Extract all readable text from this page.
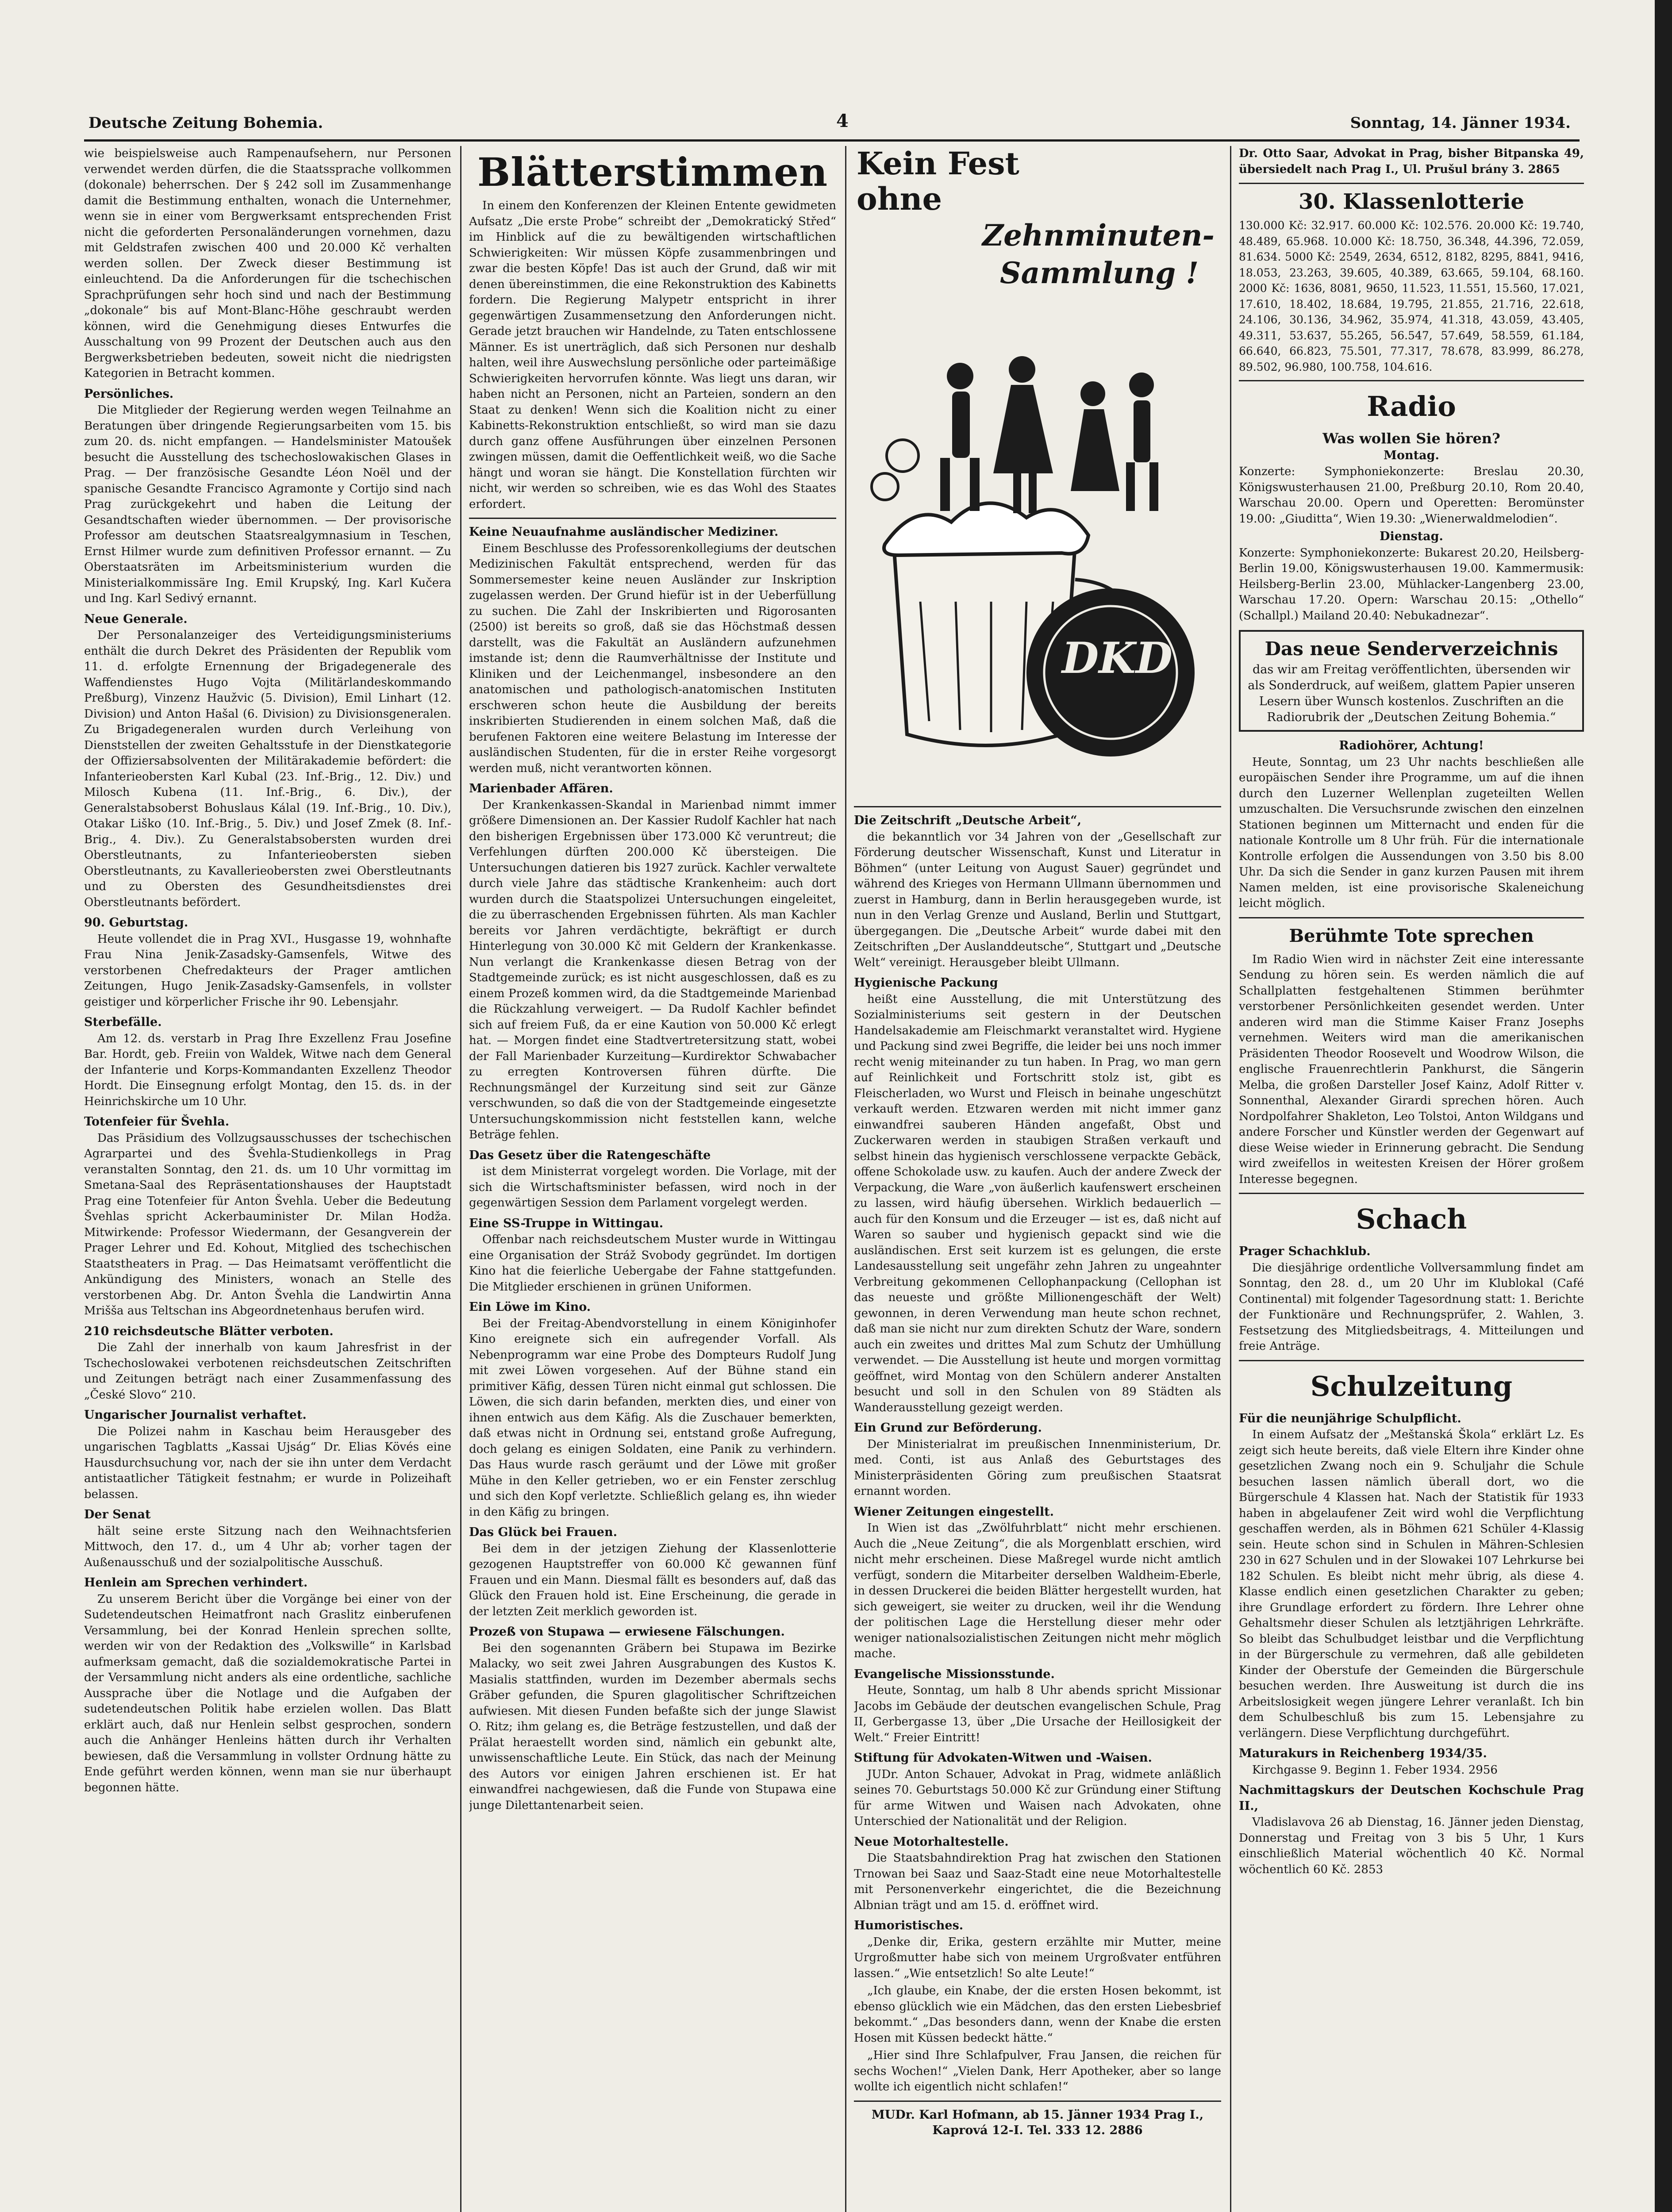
Deutsche Zeitung Bohemia.	4	Sonntag, 14. Jänner 1934.

wie beispielsweise auch Rampenaufsehern, nur Personen verwendet werden dürfen, die die Staatssprache vollkommen (dokonale) beherrschen. Der § 242 soll im Zusammenhange damit die Bestimmung enthalten, wonach die Unternehmer, wenn sie in einer vom Bergwerksamt entsprechenden Frist nicht die geforderten Personaländerungen vornehmen, dazu mit Geldstrafen zwischen 400 und 20.000 Kč verhalten werden sollen. Der Zweck dieser Bestimmung ist einleuchtend. Da die Anforderungen für die tschechischen Sprachprüfungen sehr hoch sind und nach der Bestimmung „dokonale“ bis auf Mont-Blanc-Höhe geschraubt werden können, wird die Genehmigung dieses Entwurfes die Ausschaltung von 99 Prozent der Deutschen auch aus den Bergwerksbetrieben bedeuten, soweit nicht die niedrigsten Kategorien in Betracht kommen.

Persönliches.

Die Mitglieder der Regierung werden wegen Teilnahme an Beratungen über dringende Regierungsarbeiten vom 15. bis zum 20. ds. nicht empfangen. — Handelsminister Matoušek besucht die Ausstellung des tschechoslowakischen Glases in Prag. — Der französische Gesandte Léon Noël und der spanische Gesandte Francisco Agramonte y Cortijo sind nach Prag zurückgekehrt und haben die Leitung der Gesandtschaften wieder übernommen. — Der provisorische Professor am deutschen Staatsrealgymnasium in Teschen, Ernst Hilmer wurde zum definitiven Professor ernannt. — Zu Oberstaatsräten im Arbeitsministerium wurden die Ministerialkommissäre Ing. Emil Krupský, Ing. Karl Kučera und Ing. Karl Sedivý ernannt.

Neue Generale.

Der Personalanzeiger des Verteidigungsministeriums enthält die durch Dekret des Präsidenten der Republik vom 11. d. erfolgte Ernennung der Brigadegenerale des Waffendienstes Hugo Vojta (Militärlandeskommando Preßburg), Vinzenz Haužvic (5. Division), Emil Linhart (12. Division) und Anton Hašal (6. Division) zu Divisionsgeneralen. Zu Brigadegeneralen wurden durch Verleihung von Dienststellen der zweiten Gehaltsstufe in der Dienstkategorie der Offiziersabsolventen der Militärakademie befördert: die Infanterieobersten Karl Kubal (23. Inf.-Brig., 12. Div.) und Milosch Kubena (11. Inf.-Brig., 6. Div.), der Generalstabsoberst Bohuslaus Kálal (19. Inf.-Brig., 10. Div.), Otakar Liško (10. Inf.-Brig., 5. Div.) und Josef Zmek (8. Inf.-Brig., 4. Div.). Zu Generalstabsobersten wurden drei Oberstleutnants, zu Infanterieobersten sieben Oberstleutnants, zu Kavallerieobersten zwei Oberstleutnants und zu Obersten des Gesundheitsdienstes drei Oberstleutnants befördert.

90. Geburtstag.

Heute vollendet die in Prag XVI., Husgasse 19, wohnhafte Frau Nina Jenik-Zasadsky-Gamsenfels, Witwe des verstorbenen Chefredakteurs der Prager amtlichen Zeitungen, Hugo Jenik-Zasadsky-Gamsenfels, in vollster geistiger und körperlicher Frische ihr 90. Lebensjahr.

Sterbefälle.

Am 12. ds. verstarb in Prag Ihre Exzellenz Frau Josefine Bar. Hordt, geb. Freiin von Waldek, Witwe nach dem General der Infanterie und Korps-Kommandanten Exzellenz Theodor Hordt. Die Einsegnung erfolgt Montag, den 15. ds. in der Heinrichskirche um 10 Uhr.

Totenfeier für Švehla.

Das Präsidium des Vollzugsausschusses der tschechischen Agrarpartei und des Švehla-Studienkollegs in Prag veranstalten Sonntag, den 21. ds. um 10 Uhr vormittag im Smetana-Saal des Repräsentationshauses der Hauptstadt Prag eine Totenfeier für Anton Švehla. Ueber die Bedeutung Švehlas spricht Ackerbauminister Dr. Milan Hodža. Mitwirkende: Professor Wiedermann, der Gesangverein der Prager Lehrer und Ed. Kohout, Mitglied des tschechischen Staatstheaters in Prag. — Das Heimatsamt veröffentlicht die Ankündigung des Ministers, wonach an Stelle des verstorbenen Abg. Dr. Anton Švehla die Landwirtin Anna Mrišša aus Teltschan ins Abgeordnetenhaus berufen wird.

210 reichsdeutsche Blätter verboten.

Die Zahl der innerhalb von kaum Jahresfrist in der Tschechoslowakei verbotenen reichsdeutschen Zeitschriften und Zeitungen beträgt nach einer Zusammenfassung des „České Slovo“ 210.

Ungarischer Journalist verhaftet.

Die Polizei nahm in Kaschau beim Herausgeber des ungarischen Tagblatts „Kassai Ujság“ Dr. Elias Kövés eine Hausdurchsuchung vor, nach der sie ihn unter dem Verdacht antistaatlicher Tätigkeit festnahm; er wurde in Polizeihaft belassen.

Der Senat

hält seine erste Sitzung nach den Weihnachtsferien Mittwoch, den 17. d., um 4 Uhr ab; vorher tagen der Außenausschuß und der sozialpolitische Ausschuß.

Henlein am Sprechen verhindert.

Zu unserem Bericht über die Vorgänge bei einer von der Sudetendeutschen Heimatfront nach Graslitz einberufenen Versammlung, bei der Konrad Henlein sprechen sollte, werden wir von der Redaktion des „Volkswille“ in Karlsbad aufmerksam gemacht, daß die sozialdemokratische Partei in der Versammlung nicht anders als eine ordentliche, sachliche Aussprache über die Notlage und die Aufgaben der sudetendeutschen Politik habe erzielen wollen. Das Blatt erklärt auch, daß nur Henlein selbst gesprochen, sondern auch die Anhänger Henleins hätten durch ihr Verhalten bewiesen, daß die Versammlung in vollster Ordnung hätte zu Ende geführt werden können, wenn man sie nur überhaupt begonnen hätte.

Blätterstimmen

In einem den Konferenzen der Kleinen Entente gewidmeten Aufsatz „Die erste Probe“ schreibt der „Demokratický Střed“ im Hinblick auf die zu bewältigenden wirtschaftlichen Schwierigkeiten: Wir müssen Köpfe zusammenbringen und zwar die besten Köpfe! Das ist auch der Grund, daß wir mit denen übereinstimmen, die eine Rekonstruktion des Kabinetts fordern. Die Regierung Malypetr entspricht in ihrer gegenwärtigen Zusammensetzung den Anforderungen nicht. Gerade jetzt brauchen wir Handelnde, zu Taten entschlossene Männer. Es ist unerträglich, daß sich Personen nur deshalb halten, weil ihre Auswechslung persönliche oder parteimäßige Schwierigkeiten hervorrufen könnte. Was liegt uns daran, wir haben nicht an Personen, nicht an Parteien, sondern an den Staat zu denken! Wenn sich die Koalition nicht zu einer Kabinetts-Rekonstruktion entschließt, so wird man sie dazu durch ganz offene Ausführungen über einzelnen Personen zwingen müssen, damit die Oeffentlichkeit weiß, wo die Sache hängt und woran sie hängt. Die Konstellation fürchten wir nicht, wir werden so schreiben, wie es das Wohl des Staates erfordert.

Keine Neuaufnahme ausländischer Mediziner.

Einem Beschlusse des Professorenkollegiums der deutschen Medizinischen Fakultät entsprechend, werden für das Sommersemester keine neuen Ausländer zur Inskription zugelassen werden. Der Grund hiefür ist in der Ueberfüllung zu suchen. Die Zahl der Inskribierten und Rigorosanten (2500) ist bereits so groß, daß sie das Höchstmaß dessen darstellt, was die Fakultät an Ausländern aufzunehmen imstande ist; denn die Raumverhältnisse der Institute und Kliniken und der Leichenmangel, insbesondere an den anatomischen und pathologisch-anatomischen Instituten erschweren schon heute die Ausbildung der bereits inskribierten Studierenden in einem solchen Maß, daß die berufenen Faktoren eine weitere Belastung im Interesse der ausländischen Studenten, für die in erster Reihe vorgesorgt werden muß, nicht verantworten können.

Marienbader Affären.

Der Krankenkassen-Skandal in Marienbad nimmt immer größere Dimensionen an. Der Kassier Rudolf Kachler hat nach den bisherigen Ergebnissen über 173.000 Kč veruntreut; die Verfehlungen dürften 200.000 Kč übersteigen. Die Untersuchungen datieren bis 1927 zurück. Kachler verwaltete durch viele Jahre das städtische Krankenheim: auch dort wurden durch die Staatspolizei Untersuchungen eingeleitet, die zu überraschenden Ergebnissen führten. Als man Kachler bereits vor Jahren verdächtigte, bekräftigt er durch Hinterlegung von 30.000 Kč mit Geldern der Krankenkasse. Nun verlangt die Krankenkasse diesen Betrag von der Stadtgemeinde zurück; es ist nicht ausgeschlossen, daß es zu einem Prozeß kommen wird, da die Stadtgemeinde Marienbad die Rückzahlung verweigert. — Da Rudolf Kachler befindet sich auf freiem Fuß, da er eine Kaution von 50.000 Kč erlegt hat. — Morgen findet eine Stadtvertretersitzung statt, wobei der Fall Marienbader Kurzeitung—Kurdirektor Schwabacher zu erregten Kontroversen führen dürfte. Die Rechnungsmängel der Kurzeitung sind seit zur Gänze verschwunden, so daß die von der Stadtgemeinde eingesetzte Untersuchungskommission nicht feststellen kann, welche Beträge fehlen.

Das Gesetz über die Ratengeschäfte

ist dem Ministerrat vorgelegt worden. Die Vorlage, mit der sich die Wirtschaftsminister befassen, wird noch in der gegenwärtigen Session dem Parlament vorgelegt werden.

Eine SS-Truppe in Wittingau.

Offenbar nach reichsdeutschem Muster wurde in Wittingau eine Organisation der Stráž Svobody gegründet. Im dortigen Kino hat die feierliche Uebergabe der Fahne stattgefunden. Die Mitglieder erschienen in grünen Uniformen.

Ein Löwe im Kino.

Bei der Freitag-Abendvorstellung in einem Königinhofer Kino ereignete sich ein aufregender Vorfall. Als Nebenprogramm war eine Probe des Dompteurs Rudolf Jung mit zwei Löwen vorgesehen. Auf der Bühne stand ein primitiver Käfig, dessen Türen nicht einmal gut schlossen. Die Löwen, die sich darin befanden, merkten dies, und einer von ihnen entwich aus dem Käfig. Als die Zuschauer bemerkten, daß etwas nicht in Ordnung sei, entstand große Aufregung, doch gelang es einigen Soldaten, eine Panik zu verhindern. Das Haus wurde rasch geräumt und der Löwe mit großer Mühe in den Keller getrieben, wo er ein Fenster zerschlug und sich den Kopf verletzte. Schließlich gelang es, ihn wieder in den Käfig zu bringen.

Das Glück bei Frauen.

Bei dem in der jetzigen Ziehung der Klassenlotterie gezogenen Hauptstreffer von 60.000 Kč gewannen fünf Frauen und ein Mann. Diesmal fällt es besonders auf, daß das Glück den Frauen hold ist. Eine Erscheinung, die gerade in der letzten Zeit merklich geworden ist.

Prozeß von Stupawa — erwiesene Fälschungen.

Bei den sogenannten Gräbern bei Stupawa im Bezirke Malacky, wo seit zwei Jahren Ausgrabungen des Kustos K. Masialis stattfinden, wurden im Dezember abermals sechs Gräber gefunden, die Spuren glagolitischer Schriftzeichen aufwiesen. Mit diesen Funden befaßte sich der junge Slawist O. Ritz; ihm gelang es, die Beträge festzustellen, und daß der Prälat heraestellt worden sind, nämlich ein gebunkt alte, unwissenschaftliche Leute. Ein Stück, das nach der Meinung des Autors vor einigen Jahren erschienen ist. Er hat einwandfrei nachgewiesen, daß die Funde von Stupawa eine junge Dilettantenarbeit seien.

Kein Fest
ohne
Zehnminuten-
Sammlung !
DKD
Die Zeitschrift „Deutsche Arbeit“,

die bekanntlich vor 34 Jahren von der „Gesellschaft zur Förderung deutscher Wissenschaft, Kunst und Literatur in Böhmen“ (unter Leitung von August Sauer) gegründet und während des Krieges von Hermann Ullmann übernommen und zuerst in Hamburg, dann in Berlin herausgegeben wurde, ist nun in den Verlag Grenze und Ausland, Berlin und Stuttgart, übergegangen. Die „Deutsche Arbeit“ wurde dabei mit den Zeitschriften „Der Auslanddeutsche“, Stuttgart und „Deutsche Welt“ vereinigt. Herausgeber bleibt Ullmann.

Hygienische Packung

heißt eine Ausstellung, die mit Unterstützung des Sozialministeriums seit gestern in der Deutschen Handelsakademie am Fleischmarkt veranstaltet wird. Hygiene und Packung sind zwei Begriffe, die leider bei uns noch immer recht wenig miteinander zu tun haben. In Prag, wo man gern auf Reinlichkeit und Fortschritt stolz ist, gibt es Fleischerladen, wo Wurst und Fleisch in beinahe ungeschützt verkauft werden. Etzwaren werden mit nicht immer ganz einwandfrei sauberen Händen angefaßt, Obst und Zuckerwaren werden in staubigen Straßen verkauft und selbst hinein das hygienisch verschlossene verpackte Gebäck, offene Schokolade usw. zu kaufen. Auch der andere Zweck der Verpackung, die Ware „von äußerlich kaufenswert erscheinen zu lassen, wird häufig übersehen. Wirklich bedauerlich — auch für den Konsum und die Erzeuger — ist es, daß nicht auf Waren so sauber und hygienisch gepackt sind wie die ausländischen. Erst seit kurzem ist es gelungen, die erste Landesausstellung seit ungefähr zehn Jahren zu ungeahnter Verbreitung gekommenen Cellophanpackung (Cellophan ist das neueste und größte Millionengeschäft der Welt) gewonnen, in deren Verwendung man heute schon rechnet, daß man sie nicht nur zum direkten Schutz der Ware, sondern auch ein zweites und drittes Mal zum Schutz der Umhüllung verwendet. — Die Ausstellung ist heute und morgen vormittag geöffnet, wird Montag von den Schülern anderer Anstalten besucht und soll in den Schulen von 89 Städten als Wanderausstellung gezeigt werden.

Ein Grund zur Beförderung.

Der Ministerialrat im preußischen Innenministerium, Dr. med. Conti, ist aus Anlaß des Geburtstages des Ministerpräsidenten Göring zum preußischen Staatsrat ernannt worden.

Wiener Zeitungen eingestellt.

In Wien ist das „Zwölfuhrblatt“ nicht mehr erschienen. Auch die „Neue Zeitung“, die als Morgenblatt erschien, wird nicht mehr erscheinen. Diese Maßregel wurde nicht amtlich verfügt, sondern die Mitarbeiter derselben Waldheim-Eberle, in dessen Druckerei die beiden Blätter hergestellt wurden, hat sich geweigert, sie weiter zu drucken, weil ihr die Wendung der politischen Lage die Herstellung dieser mehr oder weniger nationalsozialistischen Zeitungen nicht mehr möglich mache.

Evangelische Missionsstunde.

Heute, Sonntag, um halb 8 Uhr abends spricht Missionar Jacobs im Gebäude der deutschen evangelischen Schule, Prag II, Gerbergasse 13, über „Die Ursache der Heillosigkeit der Welt.“ Freier Eintritt!

Stiftung für Advokaten-Witwen und -Waisen.

JUDr. Anton Schauer, Advokat in Prag, widmete anläßlich seines 70. Geburtstags 50.000 Kč zur Gründung einer Stiftung für arme Witwen und Waisen nach Advokaten, ohne Unterschied der Nationalität und der Religion.

Neue Motorhaltestelle.

Die Staatsbahndirektion Prag hat zwischen den Stationen Trnowan bei Saaz und Saaz-Stadt eine neue Motorhaltestelle mit Personenverkehr eingerichtet, die die Bezeichnung Albnian trägt und am 15. d. eröffnet wird.

Humoristisches.

„Denke dir, Erika, gestern erzählte mir Mutter, meine Urgroßmutter habe sich von meinem Urgroßvater entführen lassen.“ „Wie entsetzlich! So alte Leute!“

„Ich glaube, ein Knabe, der die ersten Hosen bekommt, ist ebenso glücklich wie ein Mädchen, das den ersten Liebesbrief bekommt.“ „Das besonders dann, wenn der Knabe die ersten Hosen mit Küssen bedeckt hätte.“

„Hier sind Ihre Schlafpulver, Frau Jansen, die reichen für sechs Wochen!“ „Vielen Dank, Herr Apotheker, aber so lange wollte ich eigentlich nicht schlafen!“

MUDr. Karl Hofmann, ab 15. Jänner 1934 Prag I., Kaprová 12-I. Tel. 333 12. 2886

Dr. Otto Saar, Advokat in Prag, bisher Bitpanska 49, übersiedelt nach Prag I., Ul. Prušul brány 3. 2865

30. Klassenlotterie

130.000 Kč: 32.917. 60.000 Kč: 102.576. 20.000 Kč: 19.740, 48.489, 65.968. 10.000 Kč: 18.750, 36.348, 44.396, 72.059, 81.634. 5000 Kč: 2549, 2634, 6512, 8182, 8295, 8841, 9416, 18.053, 23.263, 39.605, 40.389, 63.665, 59.104, 68.160. 2000 Kč: 1636, 8081, 9650, 11.523, 11.551, 15.560, 17.021, 17.610, 18.402, 18.684, 19.795, 21.855, 21.716, 22.618, 24.106, 30.136, 34.962, 35.974, 41.318, 43.059, 43.405, 49.311, 53.637, 55.265, 56.547, 57.649, 58.559, 61.184, 66.640, 66.823, 75.501, 77.317, 78.678, 83.999, 86.278, 89.502, 96.980, 100.758, 104.616.

Radio
Was wollen Sie hören?
Montag.

Konzerte: Symphoniekonzerte: Breslau 20.30, Königswusterhausen 21.00, Preßburg 20.10, Rom 20.40, Warschau 20.00. Opern und Operetten: Beromünster 19.00: „Giuditta“, Wien 19.30: „Wienerwaldmelodien“.

Dienstag.

Konzerte: Symphoniekonzerte: Bukarest 20.20, Heilsberg-Berlin 19.00, Königswusterhausen 19.00. Kammermusik: Heilsberg-Berlin 23.00, Mühlacker-Langenberg 23.00, Warschau 17.20. Opern: Warschau 20.15: „Othello“ (Schallpl.) Mailand 20.40: Nebukadnezar“.

Das neue Senderverzeichnis
das wir am Freitag veröffentlichten, übersenden wir als Sonderdruck, auf weißem, glattem Papier unseren Lesern über Wunsch kostenlos. Zuschriften an die Radiorubrik der „Deutschen Zeitung Bohemia.“
Radiohörer, Achtung!

Heute, Sonntag, um 23 Uhr nachts beschließen alle europäischen Sender ihre Programme, um auf die ihnen durch den Luzerner Wellenplan zugeteilten Wellen umzuschalten. Die Versuchsrunde zwischen den einzelnen Stationen beginnen um Mitternacht und enden für die nationale Kontrolle um 8 Uhr früh. Für die internationale Kontrolle erfolgen die Aussendungen von 3.50 bis 8.00 Uhr. Da sich die Sender in ganz kurzen Pausen mit ihrem Namen melden, ist eine provisorische Skaleneichung leicht möglich.

Berühmte Tote sprechen

Im Radio Wien wird in nächster Zeit eine interessante Sendung zu hören sein. Es werden nämlich die auf Schallplatten festgehaltenen Stimmen berühmter verstorbener Persönlichkeiten gesendet werden. Unter anderen wird man die Stimme Kaiser Franz Josephs vernehmen. Weiters wird man die amerikanischen Präsidenten Theodor Roosevelt und Woodrow Wilson, die englische Frauenrechtlerin Pankhurst, die Sängerin Melba, die großen Darsteller Josef Kainz, Adolf Ritter v. Sonnenthal, Alexander Girardi sprechen hören. Auch Nordpolfahrer Shakleton, Leo Tolstoi, Anton Wildgans und andere Forscher und Künstler werden der Gegenwart auf diese Weise wieder in Erinnerung gebracht. Die Sendung wird zweifellos in weitesten Kreisen der Hörer großem Interesse begegnen.

Schach
Prager Schachklub.

Die diesjährige ordentliche Vollversammlung findet am Sonntag, den 28. d., um 20 Uhr im Klublokal (Café Continental) mit folgender Tagesordnung statt: 1. Berichte der Funktionäre und Rechnungsprüfer, 2. Wahlen, 3. Festsetzung des Mitgliedsbeitrags, 4. Mitteilungen und freie Anträge.

Schulzeitung
Für die neunjährige Schulpflicht.

In einem Aufsatz der „Meštanská Škola“ erklärt Lz. Es zeigt sich heute bereits, daß viele Eltern ihre Kinder ohne gesetzlichen Zwang noch ein 9. Schuljahr die Schule besuchen lassen nämlich überall dort, wo die Bürgerschule 4 Klassen hat. Nach der Statistik für 1933 haben in abgelaufener Zeit wird wohl die Verpflichtung geschaffen werden, als in Böhmen 621 Schüler 4-Klassig sein. Heute schon sind in Schulen in Mähren-Schlesien 230 in 627 Schulen und in der Slowakei 107 Lehrkurse bei 182 Schulen. Es bleibt nicht mehr übrig, als diese 4. Klasse endlich einen gesetzlichen Charakter zu geben; ihre Grundlage erfordert zu fördern. Ihre Lehrer ohne Gehaltsmehr dieser Schulen als letztjährigen Lehrkräfte. So bleibt das Schulbudget leistbar und die Verpflichtung in der Bürgerschule zu vermehren, daß alle gebildeten Kinder der Oberstufe der Gemeinden die Bürgerschule besuchen werden. Ihre Ausweitung ist durch die ins Arbeitslosigkeit wegen jüngere Lehrer veranlaßt. Ich bin dem Schulbeschluß bis zum 15. Lebensjahre zu verlängern. Diese Verpflichtung durchgeführt.

Maturakurs in Reichenberg 1934/35.

Kirchgasse 9. Beginn 1. Feber 1934. 2956

Nachmittagskurs der Deutschen Kochschule Prag II.,

Vladislavova 26 ab Dienstag, 16. Jänner jeden Dienstag, Donnerstag und Freitag von 3 bis 5 Uhr, 1 Kurs einschließlich Material wöchentlich 40 Kč. Normal wöchentlich 60 Kč. 2853
